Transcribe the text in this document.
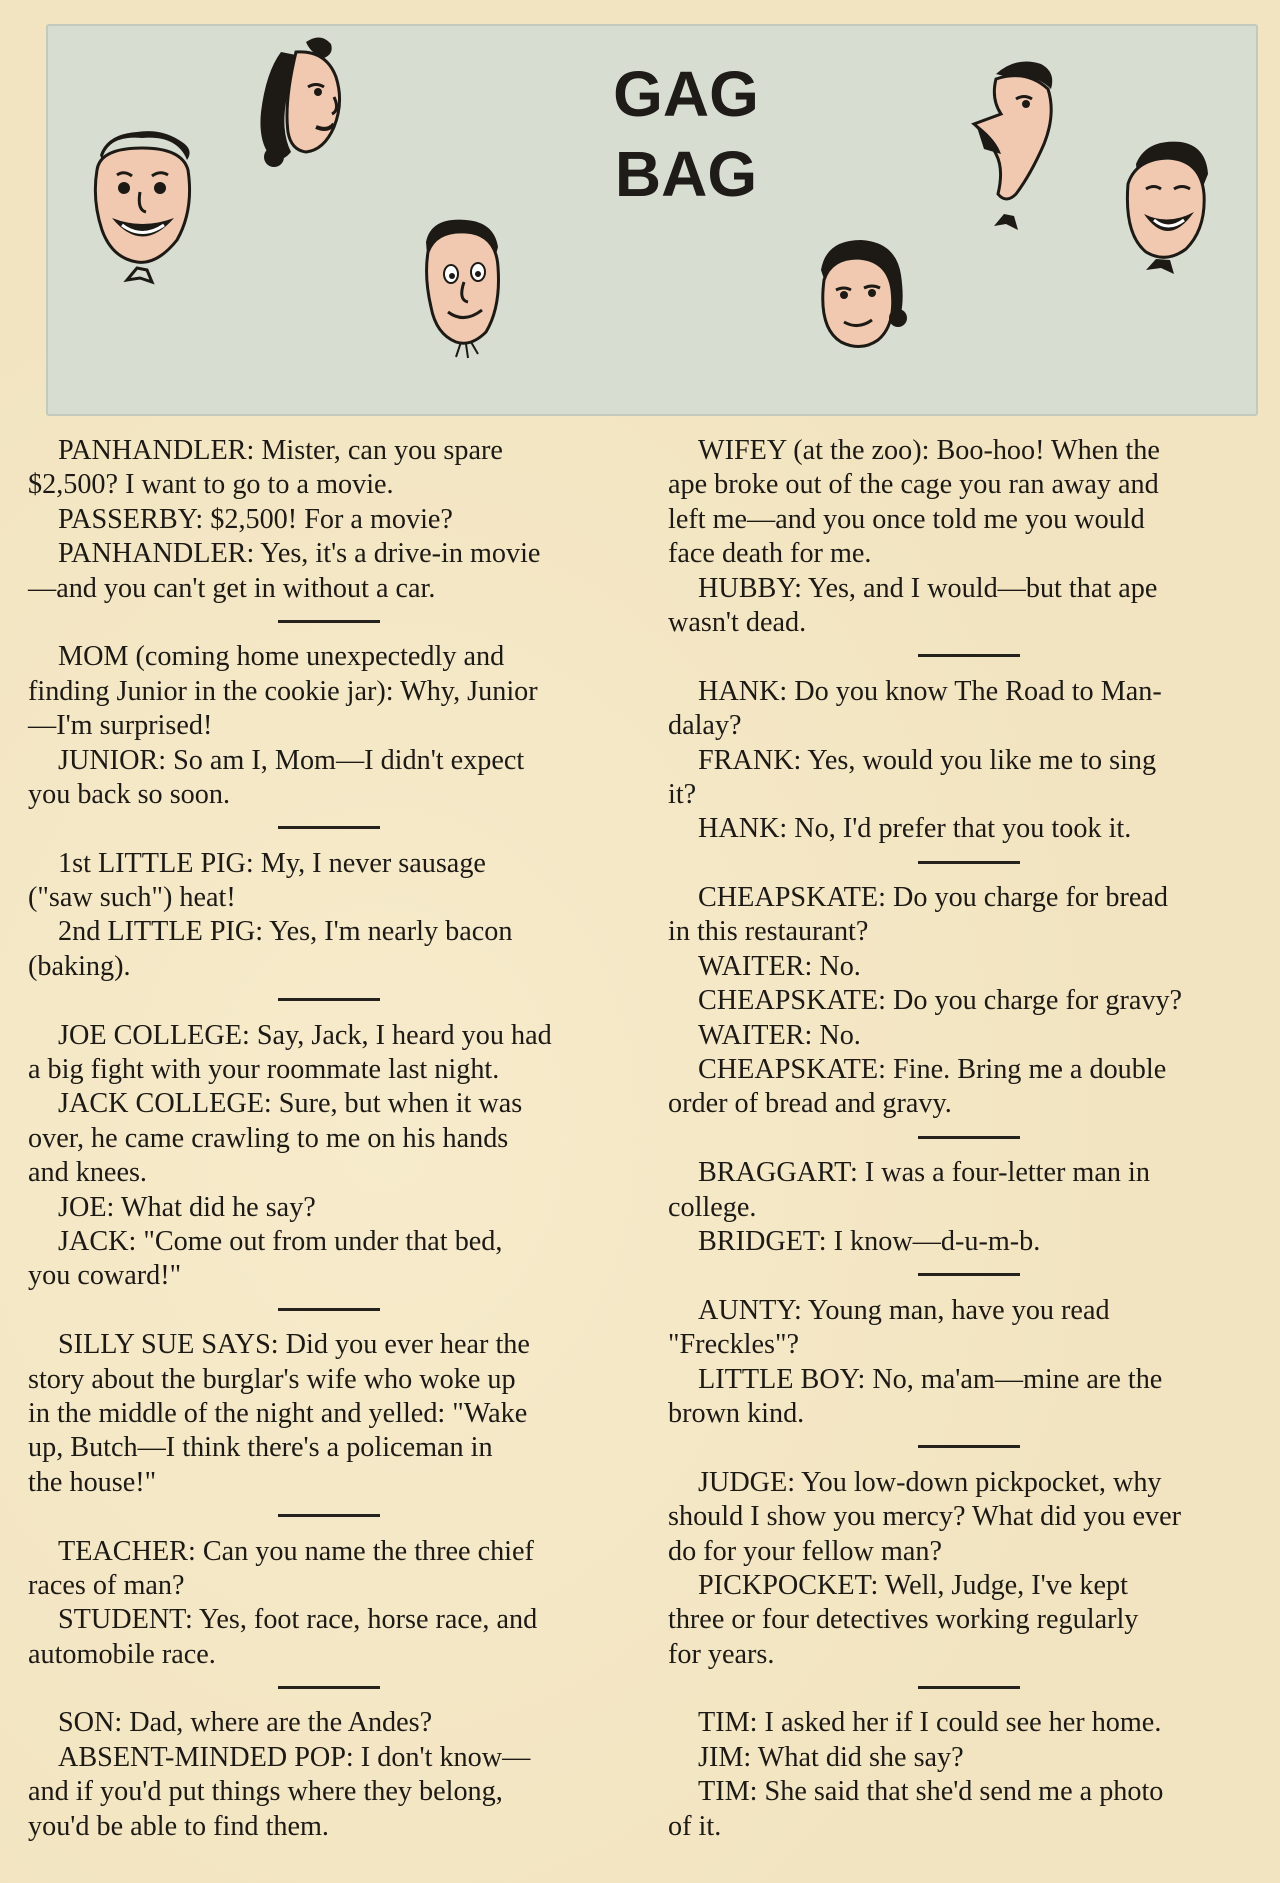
GAG
BAG
PANHANDLER: Mister, can you spare
$2,500? I want to go to a movie.
PASSERBY: $2,500! For a movie?
PANHANDLER: Yes, it's a drive-in movie
—and you can't get in without a car.
MOM (coming home unexpectedly and
finding Junior in the cookie jar): Why, Junior
—I'm surprised!
JUNIOR: So am I, Mom—I didn't expect
you back so soon.
1st LITTLE PIG: My, I never sausage
("saw such") heat!
2nd LITTLE PIG: Yes, I'm nearly bacon
(baking).
JOE COLLEGE: Say, Jack, I heard you had
a big fight with your roommate last night.
JACK COLLEGE: Sure, but when it was
over, he came crawling to me on his hands
and knees.
JOE: What did he say?
JACK: "Come out from under that bed,
you coward!"
SILLY SUE SAYS: Did you ever hear the
story about the burglar's wife who woke up
in the middle of the night and yelled: "Wake
up, Butch—I think there's a policeman in
the house!"
TEACHER: Can you name the three chief
races of man?
STUDENT: Yes, foot race, horse race, and
automobile race.
SON: Dad, where are the Andes?
ABSENT-MINDED POP: I don't know—
and if you'd put things where they belong,
you'd be able to find them.
WIFEY (at the zoo): Boo-hoo! When the
ape broke out of the cage you ran away and
left me—and you once told me you would
face death for me.
HUBBY: Yes, and I would—but that ape
wasn't dead.
HANK: Do you know The Road to Man-
dalay?
FRANK: Yes, would you like me to sing
it?
HANK: No, I'd prefer that you took it.
CHEAPSKATE: Do you charge for bread
in this restaurant?
WAITER: No.
CHEAPSKATE: Do you charge for gravy?
WAITER: No.
CHEAPSKATE: Fine. Bring me a double
order of bread and gravy.
BRAGGART: I was a four-letter man in
college.
BRIDGET: I know—d-u-m-b.
AUNTY: Young man, have you read
"Freckles"?
LITTLE BOY: No, ma'am—mine are the
brown kind.
JUDGE: You low-down pickpocket, why
should I show you mercy? What did you ever
do for your fellow man?
PICKPOCKET: Well, Judge, I've kept
three or four detectives working regularly
for years.
TIM: I asked her if I could see her home.
JIM: What did she say?
TIM: She said that she'd send me a photo
of it.
